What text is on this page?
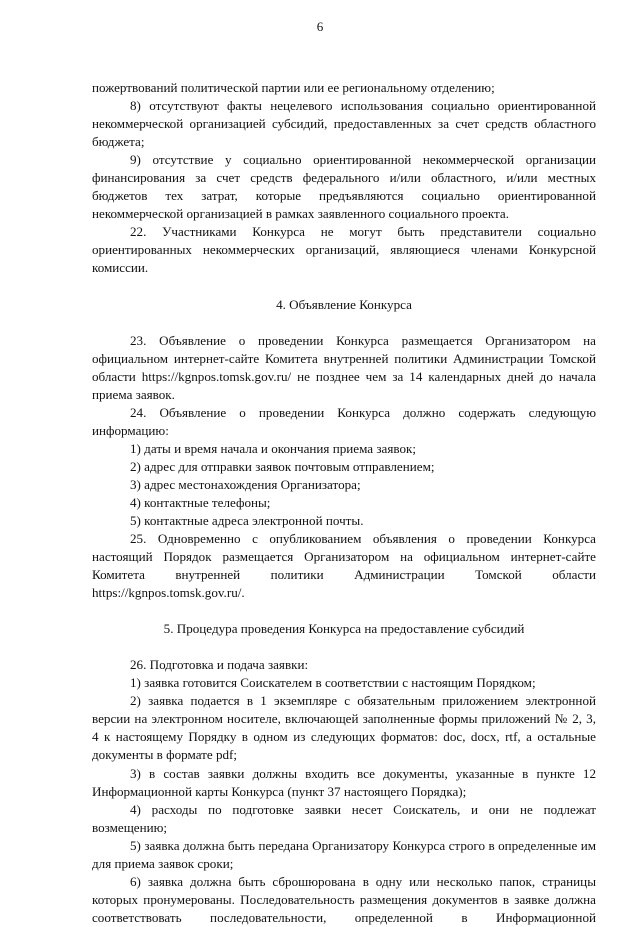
6

пожертвований политической партии или ее региональному отделению;

8) отсутствуют факты нецелевого использования социально ориентированной некоммерческой организацией субсидий, предоставленных за счет средств областного бюджета;

9) отсутствие у социально ориентированной некоммерческой организации финансирования за счет средств федерального и/или областного, и/или местных бюджетов тех затрат, которые предъявляются социально ориентированной некоммерческой организацией в рамках заявленного социального проекта.

22. Участниками Конкурса не могут быть представители социально ориентированных некоммерческих организаций, являющиеся членами Конкурсной комиссии.

4. Объявление Конкурса

23. Объявление о проведении Конкурса размещается Организатором на официальном интернет-сайте Комитета внутренней политики Администрации Томской области https://kgnpos.tomsk.gov.ru/ не позднее чем за 14 календарных дней до начала приема заявок.

24. Объявление о проведении Конкурса должно содержать следующую информацию:

1) даты и время начала и окончания приема заявок;

2) адрес для отправки заявок почтовым отправлением;

3) адрес местонахождения Организатора;

4) контактные телефоны;

5) контактные адреса электронной почты.

25. Одновременно с опубликованием объявления о проведении Конкурса настоящий Порядок размещается Организатором на официальном интернет-сайте Комитета внутренней политики Администрации Томской области https://kgnpos.tomsk.gov.ru/.

5. Процедура проведения Конкурса на предоставление субсидий

26. Подготовка и подача заявки:

1) заявка готовится Соискателем в соответствии с настоящим Порядком;

2) заявка подается в 1 экземпляре с обязательным приложением электронной версии на электронном носителе, включающей заполненные формы приложений № 2, 3, 4 к настоящему Порядку в одном из следующих форматов: doc, docx, rtf, а остальные документы в формате pdf;

3) в состав заявки должны входить все документы, указанные в пункте 12 Информационной карты Конкурса (пункт 37 настоящего Порядка);

4) расходы по подготовке заявки несет Соискатель, и они не подлежат возмещению;

5) заявка должна быть передана Организатору Конкурса строго в определенные им для приема заявок сроки;

6) заявка должна быть сброшюрована в одну или несколько папок, страницы которых пронумерованы. Последовательность размещения документов в заявке должна соответствовать последовательности, определенной в Информационной
